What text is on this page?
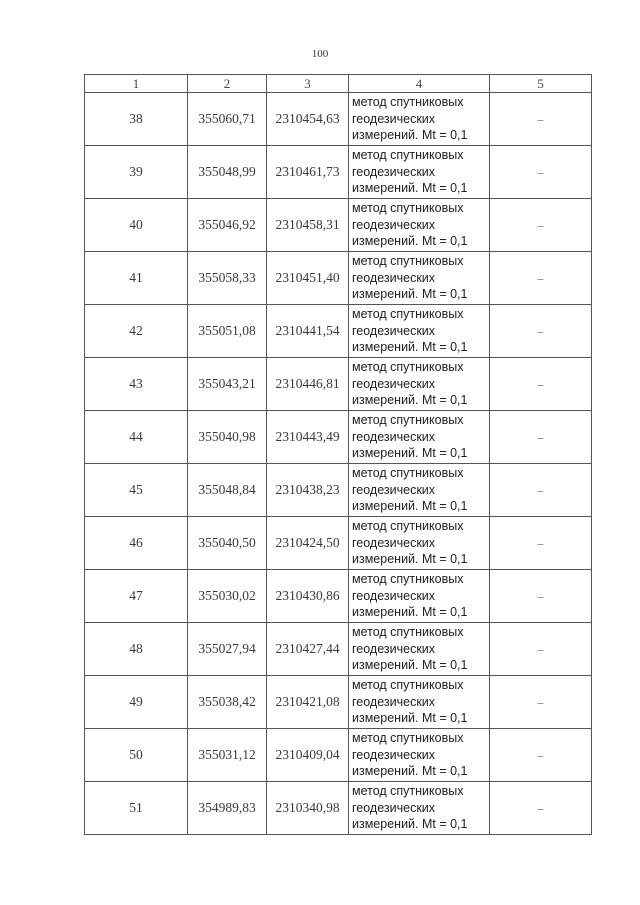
100
1	2	3	4	5
38	355060,71	2310454,63	метод спутниковых
геодезических
измерений. Mt = 0,1	–
39	355048,99	2310461,73	метод спутниковых
геодезических
измерений. Mt = 0,1	–
40	355046,92	2310458,31	метод спутниковых
геодезических
измерений. Mt = 0,1	–
41	355058,33	2310451,40	метод спутниковых
геодезических
измерений. Mt = 0,1	–
42	355051,08	2310441,54	метод спутниковых
геодезических
измерений. Mt = 0,1	–
43	355043,21	2310446,81	метод спутниковых
геодезических
измерений. Mt = 0,1	–
44	355040,98	2310443,49	метод спутниковых
геодезических
измерений. Mt = 0,1	–
45	355048,84	2310438,23	метод спутниковых
геодезических
измерений. Mt = 0,1	–
46	355040,50	2310424,50	метод спутниковых
геодезических
измерений. Mt = 0,1	–
47	355030,02	2310430,86	метод спутниковых
геодезических
измерений. Mt = 0,1	–
48	355027,94	2310427,44	метод спутниковых
геодезических
измерений. Mt = 0,1	–
49	355038,42	2310421,08	метод спутниковых
геодезических
измерений. Mt = 0,1	–
50	355031,12	2310409,04	метод спутниковых
геодезических
измерений. Mt = 0,1	–
51	354989,83	2310340,98	метод спутниковых
геодезических
измерений. Mt = 0,1	–
